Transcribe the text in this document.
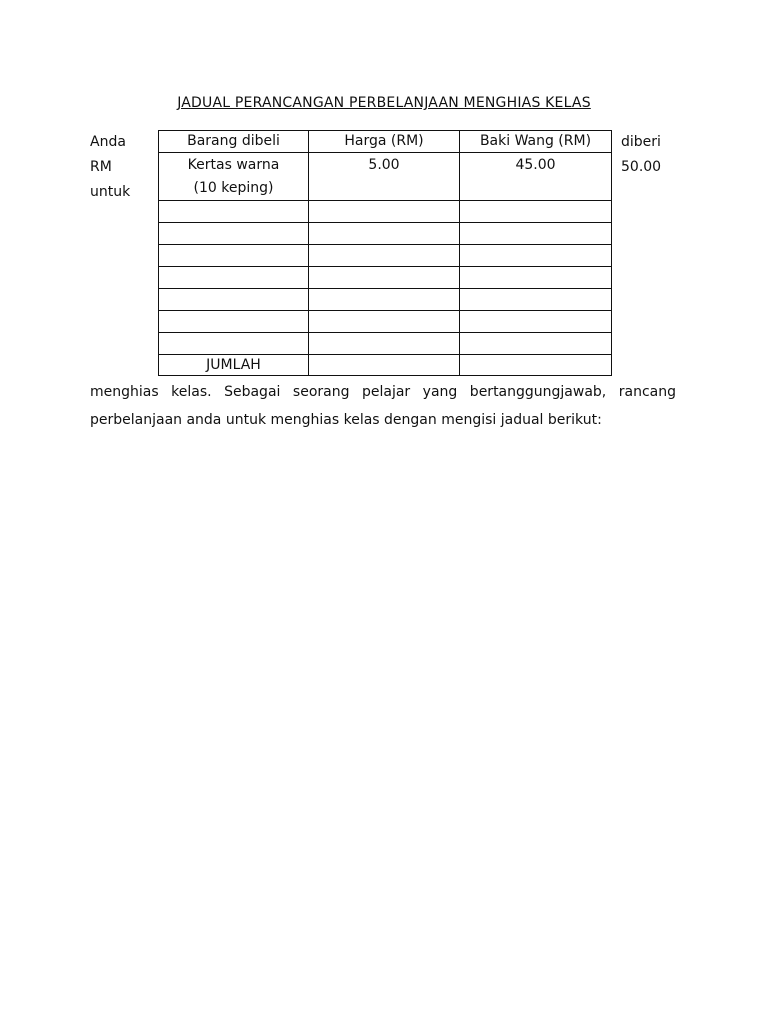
JADUAL PERANCANGAN PERBELANJAAN MENGHIAS KELAS
Anda
RM
untuk
diberi
50.00
Barang dibeli	Harga (RM)	Baki Wang (RM)

Kertas warna
(10 keping)	5.00	45.00

JUMLAH		
menghias kelas. Sebagai seorang pelajar yang bertanggungjawab, rancang
perbelanjaan anda untuk menghias kelas dengan mengisi jadual berikut:
